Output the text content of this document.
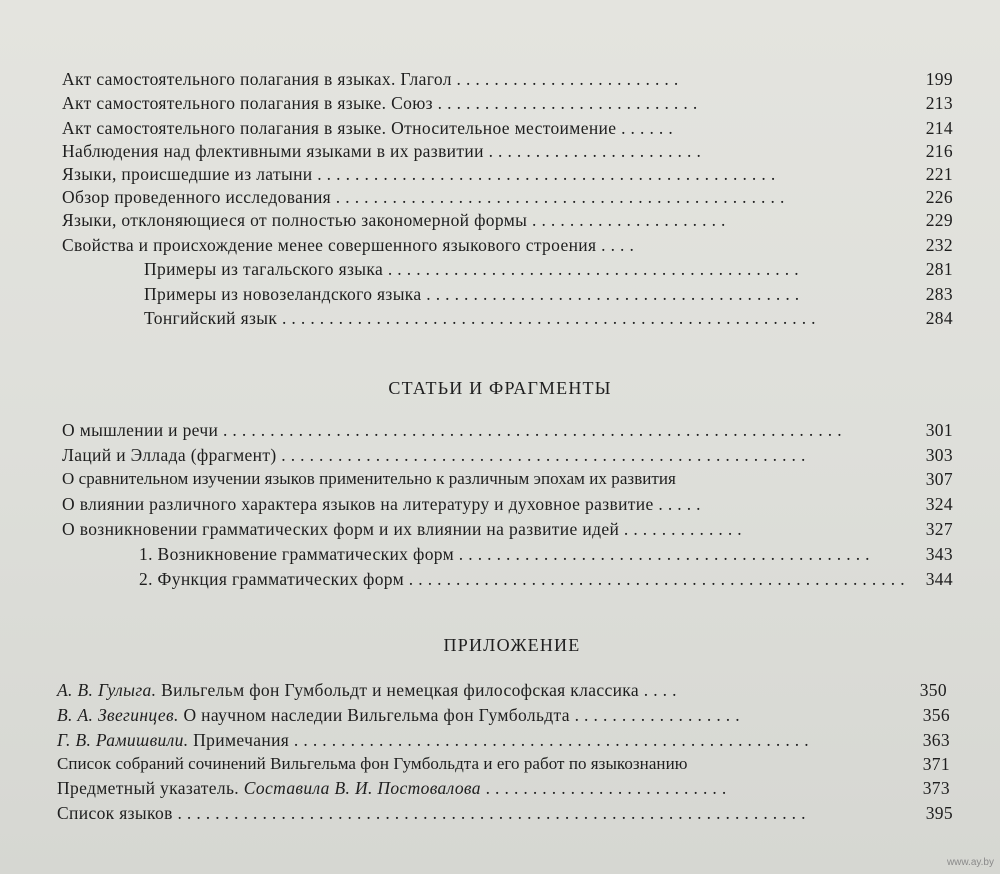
Акт самостоятельного полагания в языках. Глагол . . . . . . . . . . . . . . . . . . . . . . . .	199
Акт самостоятельного полагания в языке. Союз . . . . . . . . . . . . . . . . . . . . . . . . . . . .	213
Акт самостоятельного полагания в языке. Относительное местоимение . . . . . .	214
Наблюдения над флективными языками в их развитии . . . . . . . . . . . . . . . . . . . . . . .	216
Языки, происшедшие из латыни . . . . . . . . . . . . . . . . . . . . . . . . . . . . . . . . . . . . . . . . . . . . . . . . .	221
Обзор проведенного исследования . . . . . . . . . . . . . . . . . . . . . . . . . . . . . . . . . . . . . . . . . . . . . . . .	226
Языки, отклоняющиеся от полностью закономерной формы . . . . . . . . . . . . . . . . . . . . .	229
Свойства и происхождение менее совершенного языкового строения . . . .	232
Примеры из тагальского языка . . . . . . . . . . . . . . . . . . . . . . . . . . . . . . . . . . . . . . . . . . . .	281
Примеры из новозеландского языка . . . . . . . . . . . . . . . . . . . . . . . . . . . . . . . . . . . . . . . .	283
Тонгийский язык . . . . . . . . . . . . . . . . . . . . . . . . . . . . . . . . . . . . . . . . . . . . . . . . . . . . . . . . .	284
СТАТЬИ И ФРАГМЕНТЫ
О мышлении и речи . . . . . . . . . . . . . . . . . . . . . . . . . . . . . . . . . . . . . . . . . . . . . . . . . . . . . . . . . . . . . . . . . .	301
Лаций и Эллада (фрагмент) . . . . . . . . . . . . . . . . . . . . . . . . . . . . . . . . . . . . . . . . . . . . . . . . . . . . . . . .	303
О сравнительном изучении языков применительно к различным эпохам их развития	307
О влиянии различного характера языков на литературу и духовное развитие . . . . .	324
О возникновении грамматических форм и их влиянии на развитие идей . . . . . . . . . . . . .	327
1. Возникновение грамматических форм . . . . . . . . . . . . . . . . . . . . . . . . . . . . . . . . . . . . . . . . . . . .	343
2. Функция грамматических форм . . . . . . . . . . . . . . . . . . . . . . . . . . . . . . . . . . . . . . . . . . . . . . . . . . . . .	344
ПРИЛОЖЕНИЕ
А. В. Гулыга. Вильгельм фон Гумбольдт и немецкая философская классика . . . .	350
В. А. Звегинцев. О научном наследии Вильгельма фон Гумбольдта . . . . . . . . . . . . . . . . . .	356
Г. В. Рамишвили. Примечания . . . . . . . . . . . . . . . . . . . . . . . . . . . . . . . . . . . . . . . . . . . . . . . . . . . . . . .	363
Список собраний сочинений Вильгельма фон Гумбольдта и его работ по языкознанию	371
Предметный указатель. Составила В. И. Постовалова . . . . . . . . . . . . . . . . . . . . . . . . . .	373
Список языков . . . . . . . . . . . . . . . . . . . . . . . . . . . . . . . . . . . . . . . . . . . . . . . . . . . . . . . . . . . . . . . . . . .	395
www.ay.by
